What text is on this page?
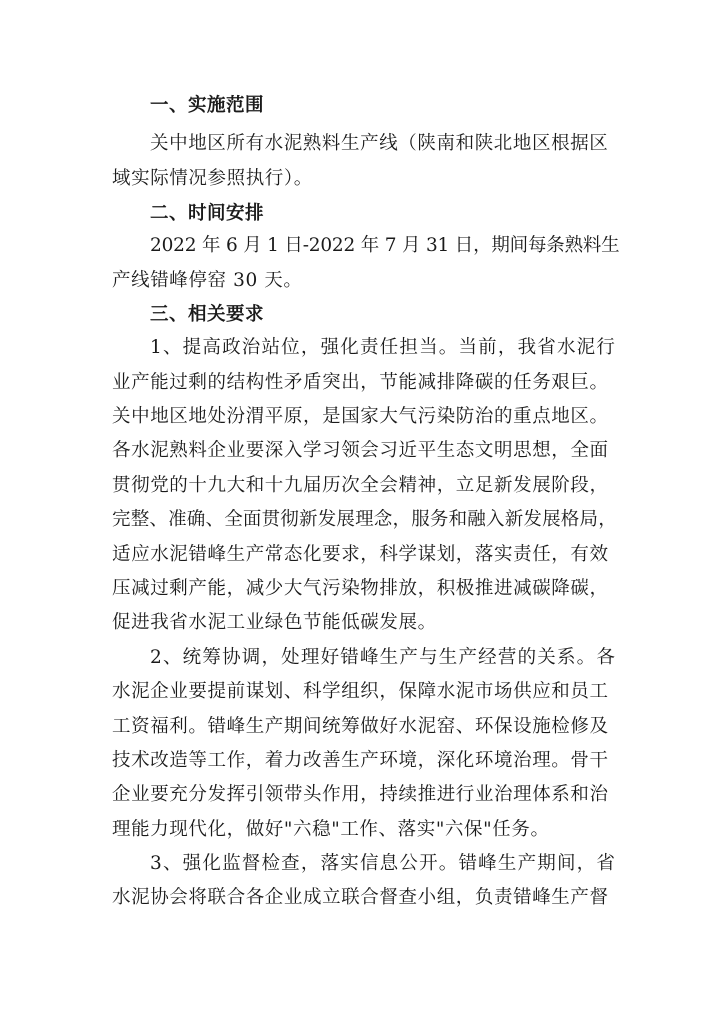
一、实施范围
关中地区所有水泥熟料生产线（陕南和陕北地区根据区
域实际情况参照执行）。
二、时间安排
2022 年 6 月 1 日-2022 年 7 月 31 日，期间每条熟料生
产线错峰停窑 30 天。
三、相关要求
1、提高政治站位，强化责任担当。当前，我省水泥行
业产能过剩的结构性矛盾突出，节能减排降碳的任务艰巨。
关中地区地处汾渭平原，是国家大气污染防治的重点地区。
各水泥熟料企业要深入学习领会习近平生态文明思想，全面
贯彻党的十九大和十九届历次全会精神，立足新发展阶段，
完整、准确、全面贯彻新发展理念，服务和融入新发展格局，
适应水泥错峰生产常态化要求，科学谋划，落实责任，有效
压减过剩产能，减少大气污染物排放，积极推进减碳降碳，
促进我省水泥工业绿色节能低碳发展。
2、统筹协调，处理好错峰生产与生产经营的关系。各
水泥企业要提前谋划、科学组织，保障水泥市场供应和员工
工资福利。错峰生产期间统筹做好水泥窑、环保设施检修及
技术改造等工作，着力改善生产环境，深化环境治理。骨干
企业要充分发挥引领带头作用，持续推进行业治理体系和治
理能力现代化，做好"六稳"工作、落实"六保"任务。
3、强化监督检查，落实信息公开。错峰生产期间，省
水泥协会将联合各企业成立联合督查小组，负责错峰生产督
